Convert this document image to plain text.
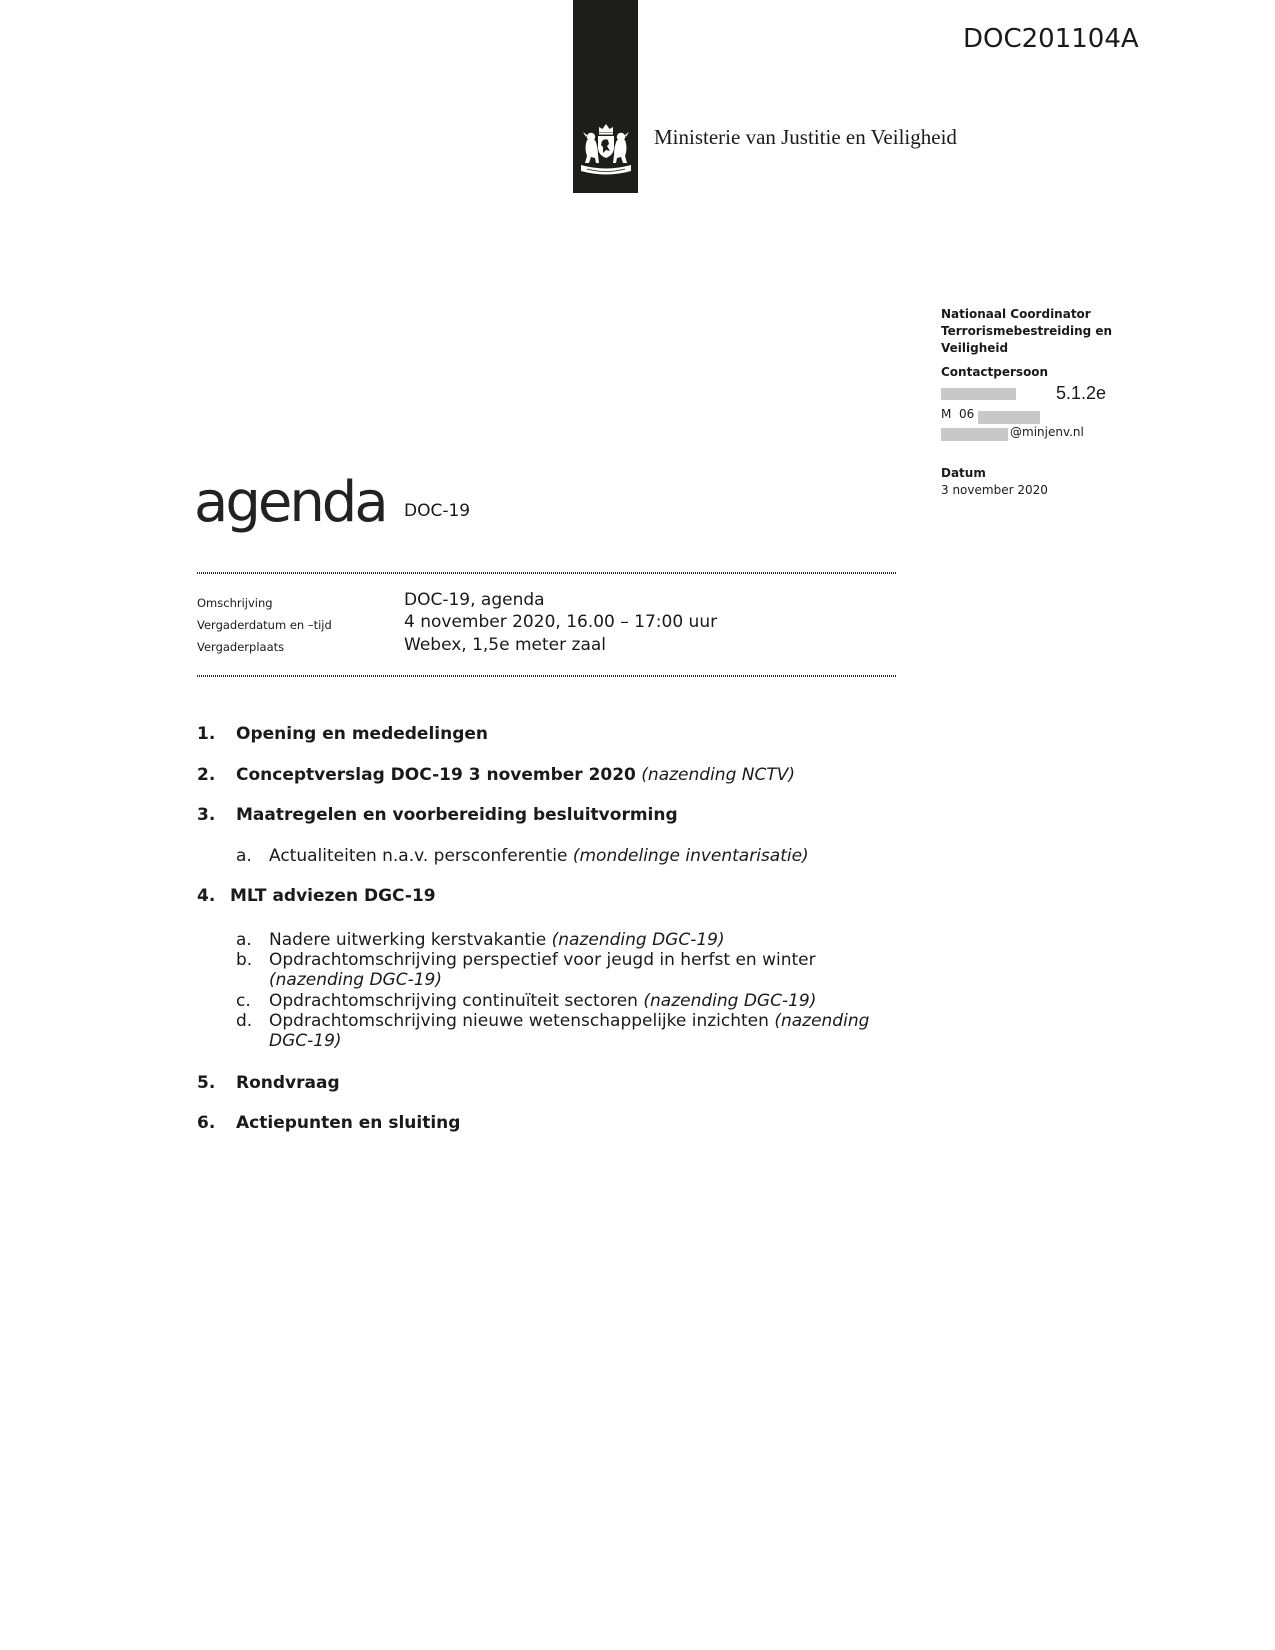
DOC201104A
Ministerie van Justitie en Veiligheid
Nationaal Coordinator
Terrorismebestreiding en
Veiligheid
Contactpersoon
5.1.2e
M  06
@minjenv.nl
Datum
3 november 2020
agenda DOC-19
Omschrijving	DOC-19, agenda
Vergaderdatum en –tijd	4 november 2020, 16.00 – 17:00 uur
Vergaderplaats	Webex, 1,5e meter zaal
1. Opening en mededelingen
2. Conceptverslag DOC-19 3 november 2020 (nazending NCTV)
3. Maatregelen en voorbereiding besluitvorming
a. Actualiteiten n.a.v. persconferentie (mondelinge inventarisatie)
4. MLT adviezen DGC-19
a. Nadere uitwerking kerstvakantie (nazending DGC-19)
b. Opdrachtomschrijving perspectief voor jeugd in herfst en winter
(nazending DGC-19)
c. Opdrachtomschrijving continuïteit sectoren (nazending DGC-19)
d. Opdrachtomschrijving nieuwe wetenschappelijke inzichten (nazending DGC-19)
5. Rondvraag
6. Actiepunten en sluiting
